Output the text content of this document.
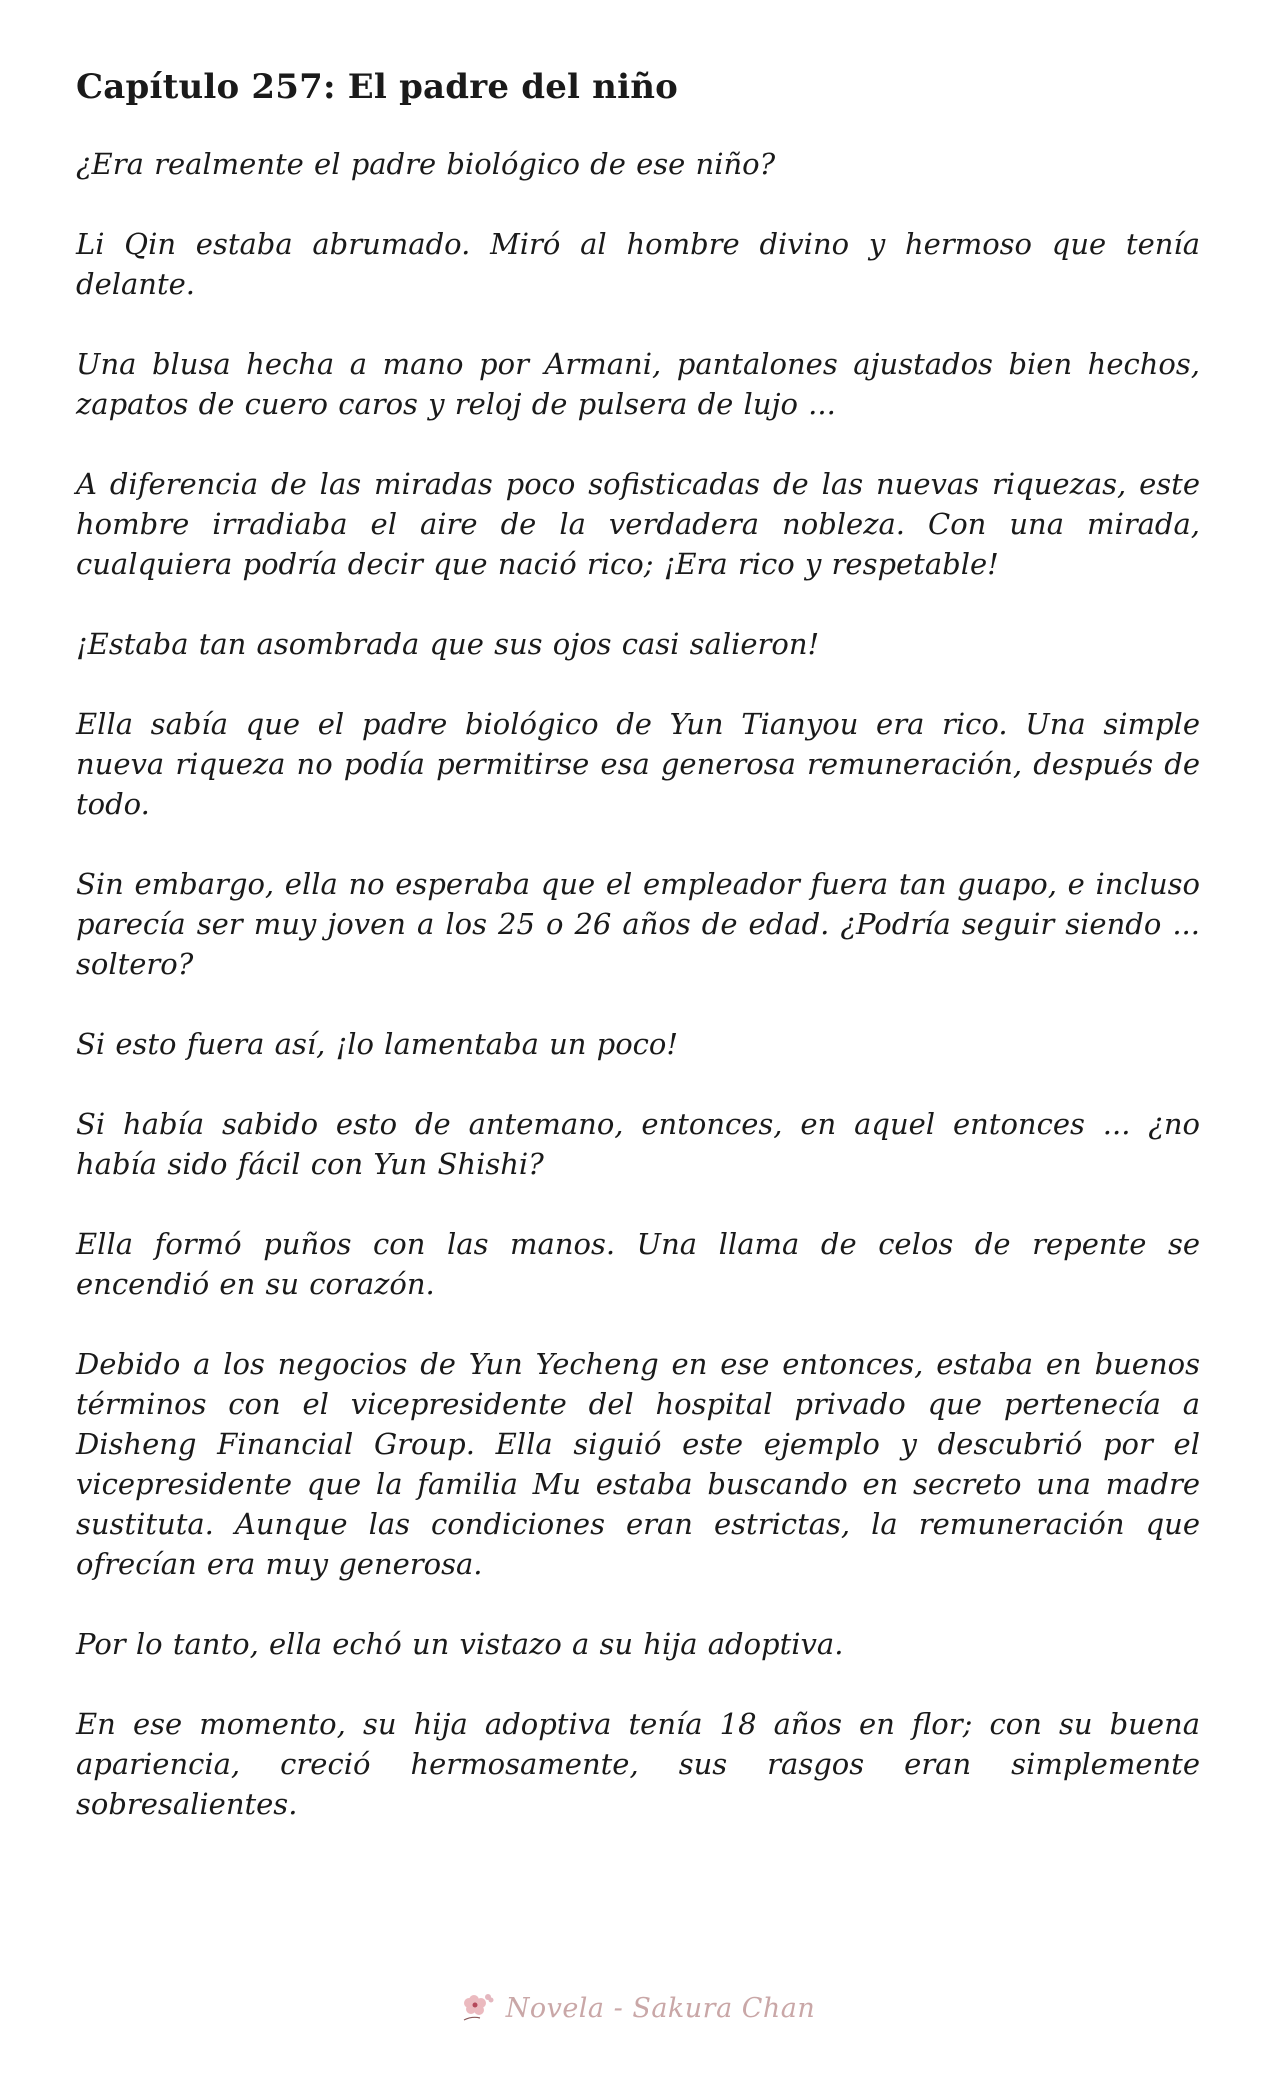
Capítulo 257: El padre del niño

¿Era realmente el padre biológico de ese niño?

Li Qin estaba abrumado. Miró al hombre divino y hermoso que tenía delante.

Una blusa hecha a mano por Armani, pantalones ajustados bien hechos, zapatos de cuero caros y reloj de pulsera de lujo ...

A diferencia de las miradas poco sofisticadas de las nuevas riquezas, este hombre irradiaba el aire de la verdadera nobleza. Con una mirada, cualquiera podría decir que nació rico; ¡Era rico y respetable!

¡Estaba tan asombrada que sus ojos casi salieron!

Ella sabía que el padre biológico de Yun Tianyou era rico. Una simple nueva riqueza no podía permitirse esa generosa remuneración, después de todo.

Sin embargo, ella no esperaba que el empleador fuera tan guapo, e incluso parecía ser muy joven a los 25 o 26 años de edad. ¿Podría seguir siendo ... soltero?

Si esto fuera así, ¡lo lamentaba un poco!

Si había sabido esto de antemano, entonces, en aquel entonces ... ¿no había sido fácil con Yun Shishi?

Ella formó puños con las manos. Una llama de celos de repente se encendió en su corazón.

Debido a los negocios de Yun Yecheng en ese entonces, estaba en buenos términos con el vicepresidente del hospital privado que pertenecía a Disheng Financial Group. Ella siguió este ejemplo y descubrió por el vicepresidente que la familia Mu estaba buscando en secreto una madre sustituta. Aunque las condiciones eran estrictas, la remuneración que ofrecían era muy generosa.

Por lo tanto, ella echó un vistazo a su hija adoptiva.

En ese momento, su hija adoptiva tenía 18 años en flor; con su buena apariencia, creció hermosamente, sus rasgos eran simplemente sobresalientes.

Novela - Sakura Chan
